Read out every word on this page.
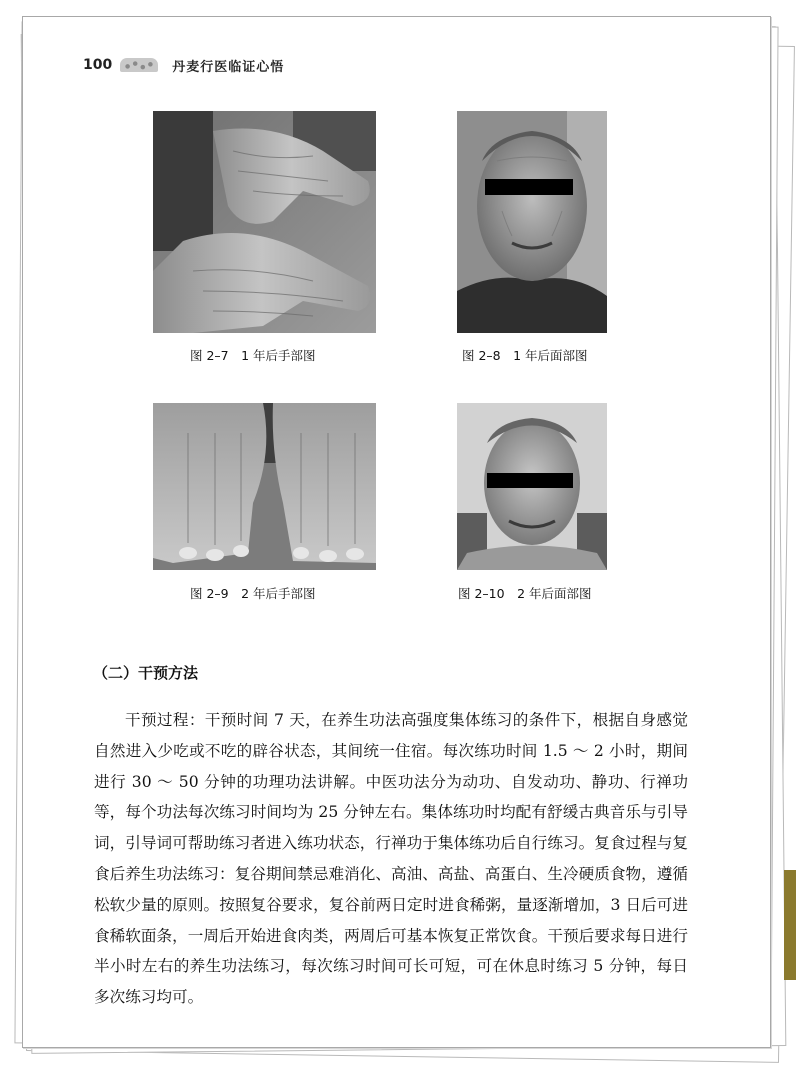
100	丹麦行医临证心悟
图 2–7　1 年后手部图	图 2–8　1 年后面部图
图 2–9　2 年后手部图	图 2–10　2 年后面部图
（二）干预方法

干预过程：干预时间 7 天，在养生功法高强度集体练习的条件下，根据自身感觉自然进入少吃或不吃的辟谷状态，其间统一住宿。每次练功时间 1.5 ～ 2 小时，期间进行 30 ～ 50 分钟的功理功法讲解。中医功法分为动功、自发动功、静功、行禅功等，每个功法每次练习时间均为 25 分钟左右。集体练功时均配有舒缓古典音乐与引导词，引导词可帮助练习者进入练功状态，行禅功于集体练功后自行练习。复食过程与复食后养生功法练习：复谷期间禁忌难消化、高油、高盐、高蛋白、生冷硬质食物，遵循松软少量的原则。按照复谷要求，复谷前两日定时进食稀粥，量逐渐增加，3 日后可进食稀软面条，一周后开始进食肉类，两周后可基本恢复正常饮食。干预后要求每日进行半小时左右的养生功法练习，每次练习时间可长可短，可在休息时练习 5 分钟，每日多次练习均可。
